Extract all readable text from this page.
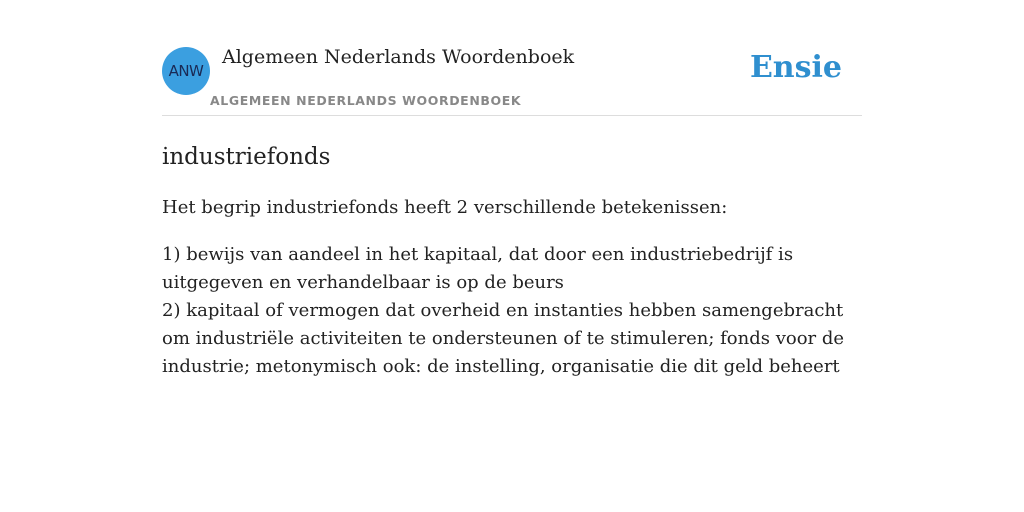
ANW
Algemeen Nederlands Woordenboek
ALGEMEEN NEDERLANDS WOORDENBOEK
Ensie
industriefonds

Het begrip industriefonds heeft 2 verschillende betekenissen:

1) bewijs van aandeel in het kapitaal, dat door een industriebedrijf is uitgegeven en verhandelbaar is op de beurs
2) kapitaal of vermogen dat overheid en instanties hebben samengebracht om industriële activiteiten te ondersteunen of te stimuleren; fonds voor de industrie; metonymisch ook: de instelling, organisatie die dit geld beheert
